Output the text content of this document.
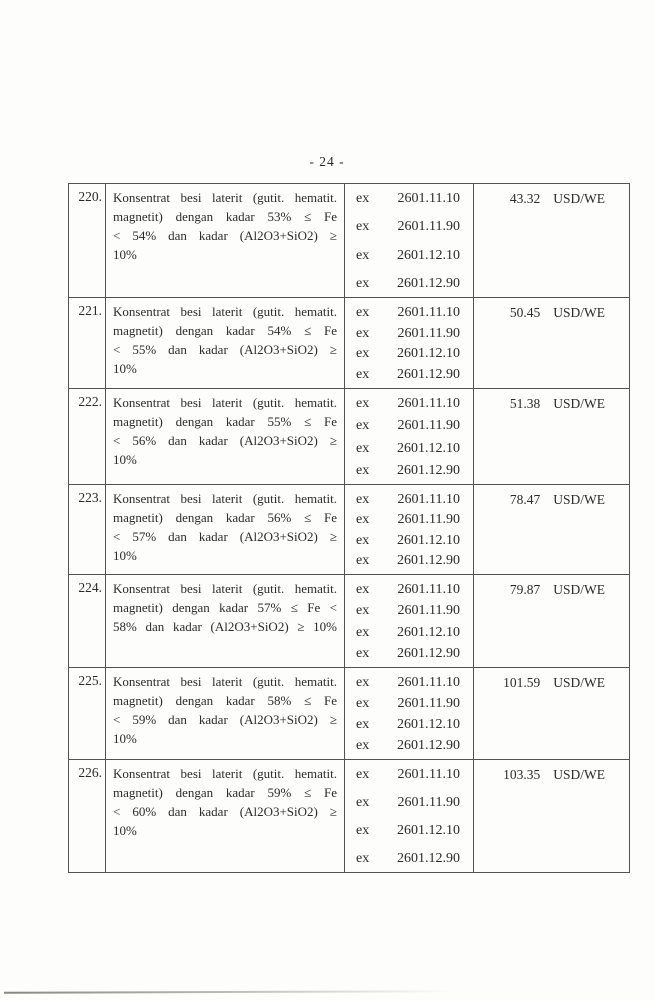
- 24 -
220. Konsentrat besi laterit (gutit. hematit.
magnetit) dengan kadar 53% ≤ Fe
< 54% dan kadar (Al2O3+SiO2) ≥
10%
ex 2601.11.10
ex 2601.11.90
ex 2601.12.10
ex 2601.12.90
43.32 USD/WE
221. Konsentrat besi laterit (gutit. hematit.
magnetit) dengan kadar 54% ≤ Fe
< 55% dan kadar (Al2O3+SiO2) ≥
10%
ex 2601.11.10
ex 2601.11.90
ex 2601.12.10
ex 2601.12.90
50.45 USD/WE
222. Konsentrat besi laterit (gutit. hematit.
magnetit) dengan kadar 55% ≤ Fe
< 56% dan kadar (Al2O3+SiO2) ≥
10%
ex 2601.11.10
ex 2601.11.90
ex 2601.12.10
ex 2601.12.90
51.38 USD/WE
223. Konsentrat besi laterit (gutit. hematit.
magnetit) dengan kadar 56% ≤ Fe
< 57% dan kadar (Al2O3+SiO2) ≥
10%
ex 2601.11.10
ex 2601.11.90
ex 2601.12.10
ex 2601.12.90
78.47 USD/WE
224. Konsentrat besi laterit (gutit. hematit.
magnetit) dengan kadar 57% ≤ Fe <
58% dan kadar (Al2O3+SiO2) ≥ 10%
ex 2601.11.10
ex 2601.11.90
ex 2601.12.10
ex 2601.12.90
79.87 USD/WE
225. Konsentrat besi laterit (gutit. hematit.
magnetit) dengan kadar 58% ≤ Fe
< 59% dan kadar (Al2O3+SiO2) ≥
10%
ex 2601.11.10
ex 2601.11.90
ex 2601.12.10
ex 2601.12.90
101.59 USD/WE
226. Konsentrat besi laterit (gutit. hematit.
magnetit) dengan kadar 59% ≤ Fe
< 60% dan kadar (Al2O3+SiO2) ≥
10%
ex 2601.11.10
ex 2601.11.90
ex 2601.12.10
ex 2601.12.90
103.35 USD/WE
